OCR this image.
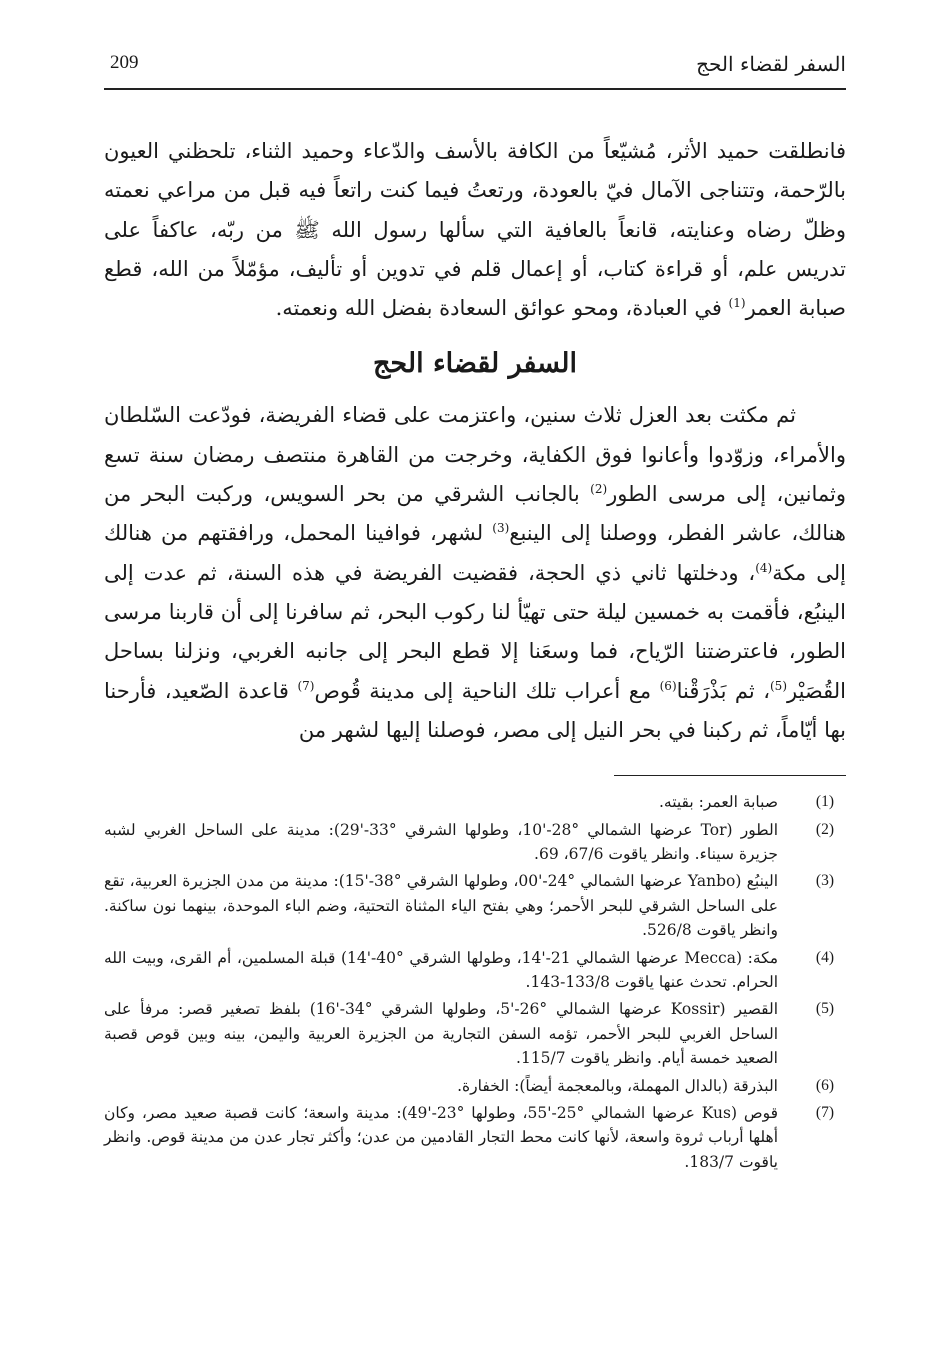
209	السفر لقضاء الحج

فانطلقت حميد الأثر، مُشيّعاً من الكافة بالأسف والدّعاء وحميد الثناء، تلحظني العيون بالرّحمة، وتتناجى الآمال فيّ بالعودة، ورتعتُ فيما كنت راتعاً فيه قبل من مراعي نعمته وظلّ رضاه وعنايته، قانعاً بالعافية التي سألها رسول الله ﷺ من ربّه، عاكفاً على تدريس علم، أو قراءة كتاب، أو إعمال قلم في تدوين أو تأليف، مؤمّلاً من الله، قطع صبابة العمر$^{(1)}$ في العبادة، ومحو عوائق السعادة بفضل الله ونعمته.

السفر لقضاء الحج

ثم مكثت بعد العزل ثلاث سنين، واعتزمت على قضاء الفريضة، فودّعت السّلطان والأمراء، وزوّدوا وأعانوا فوق الكفاية، وخرجت من القاهرة منتصف رمضان سنة تسع وثمانين، إلى مرسى الطور$^{(2)}$ بالجانب الشرقي من بحر السويس، وركبت البحر من هنالك، عاشر الفطر، ووصلنا إلى الينبع$^{(3)}$ لشهر، فوافينا المحمل، ورافقتهم من هنالك إلى مكة$^{(4)}$، ودخلتها ثاني ذي الحجة، فقضيت الفريضة في هذه السنة، ثم عدت إلى الينبُع، فأقمت به خمسين ليلة حتى تهيّأ لنا ركوب البحر، ثم سافرنا إلى أن قاربنا مرسى الطور، فاعترضتنا الرّياح، فما وسعَنا إلا قطع البحر إلى جانبه الغربي، ونزلنا بساحل القُصَيْر$^{(5)}$، ثم بَذْرَقْنا$^{(6)}$ مع أعراب تلك الناحية إلى مدينة قُوص$^{(7)}$ قاعدة الصّعيد، فأرحنا بها أيّاماً، ثم ركبنا في بحر النيل إلى مصر، فوصلنا إليها لشهر من

(1)
صبابة العمر: بقيته.
(2)
الطور (Tor عرضها الشمالي °28-'10، وطولها الشرقي °33-'29): مدينة على الساحل الغربي لشبه جزيرة سيناء. وانظر ياقوت 67/6، 69.
(3)
الينبُع (Yanbo عرضها الشمالي °24-'00، وطولها الشرقي °38-'15): مدينة من مدن الجزيرة العربية، تقع على الساحل الشرقي للبحر الأحمر؛ وهي بفتح الياء المثناة التحتية، وضم الباء الموحدة، بينهما نون ساكنة. وانظر ياقوت 526/8.
(4)
مكة: (Mecca عرضها الشمالي 21-'14، وطولها الشرقي °40-'14) قبلة المسلمين، أم القرى، وبيت الله الحرام. تحدث عنها ياقوت 133/8-143.
(5)
القصير (Kossir عرضها الشمالي °26-'5، وطولها الشرقي °34-'16) بلفظ تصغير قصر: مرفأ على الساحل الغربي للبحر الأحمر، تؤمه السفن التجارية من الجزيرة العربية واليمن، بينه وبين قوص قصبة الصعيد خمسة أيام. وانظر ياقوت 115/7.
(6)
البذرقة (بالدال المهملة، وبالمعجمة أيضاً): الخفارة.
(7)
قوص (Kus عرضها الشمالي °25-'55، وطولها °23-'49): مدينة واسعة؛ كانت قصبة صعيد مصر، وكان أهلها أرباب ثروة واسعة، لأنها كانت محط التجار القادمين من عدن؛ وأكثر تجار عدن من مدينة قوص. وانظر ياقوت 183/7.
